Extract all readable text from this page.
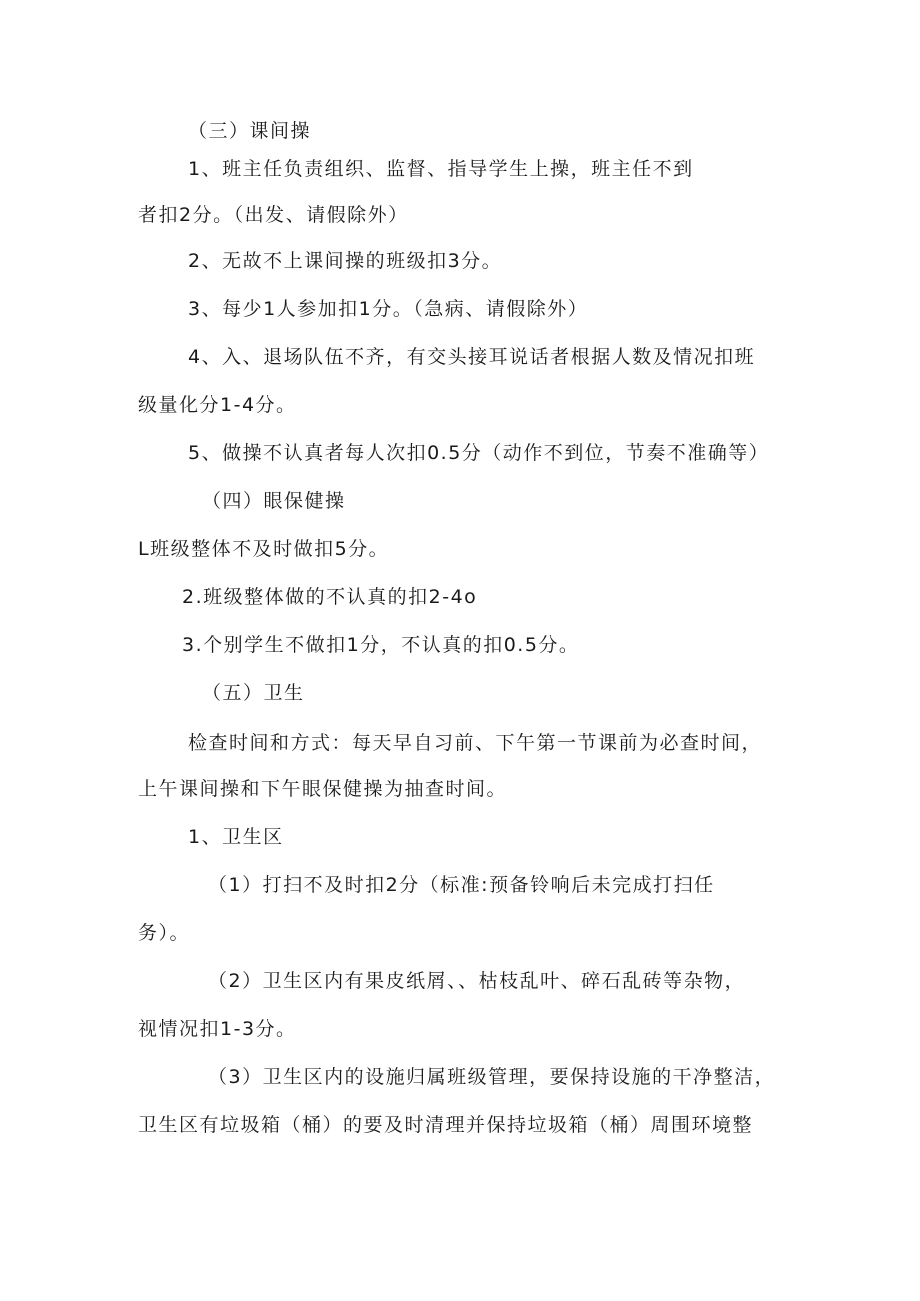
（三）课间操

1、班主任负责组织、监督、指导学生上操，班主任不到

者扣2分。（出发、请假除外）

2、无故不上课间操的班级扣3分。

3、每少1人参加扣1分。（急病、请假除外）

4、入、退场队伍不齐，有交头接耳说话者根据人数及情况扣班

级量化分1-4分。

5、做操不认真者每人次扣0.5分（动作不到位，节奏不准确等）

（四）眼保健操

L班级整体不及时做扣5分。

2.班级整体做的不认真的扣2-4o

3.个别学生不做扣1分，不认真的扣0.5分。

（五）卫生

检查时间和方式：每天早自习前、下午第一节课前为必查时间，

上午课间操和下午眼保健操为抽查时间。

1、卫生区

（1）打扫不及时扣2分（标准:预备铃响后未完成打扫任

务）。

（2）卫生区内有果皮纸屑、、枯枝乱叶、碎石乱砖等杂物，

视情况扣1-3分。

（3）卫生区内的设施归属班级管理，要保持设施的干净整洁，

卫生区有垃圾箱（桶）的要及时清理并保持垃圾箱（桶）周围环境整
